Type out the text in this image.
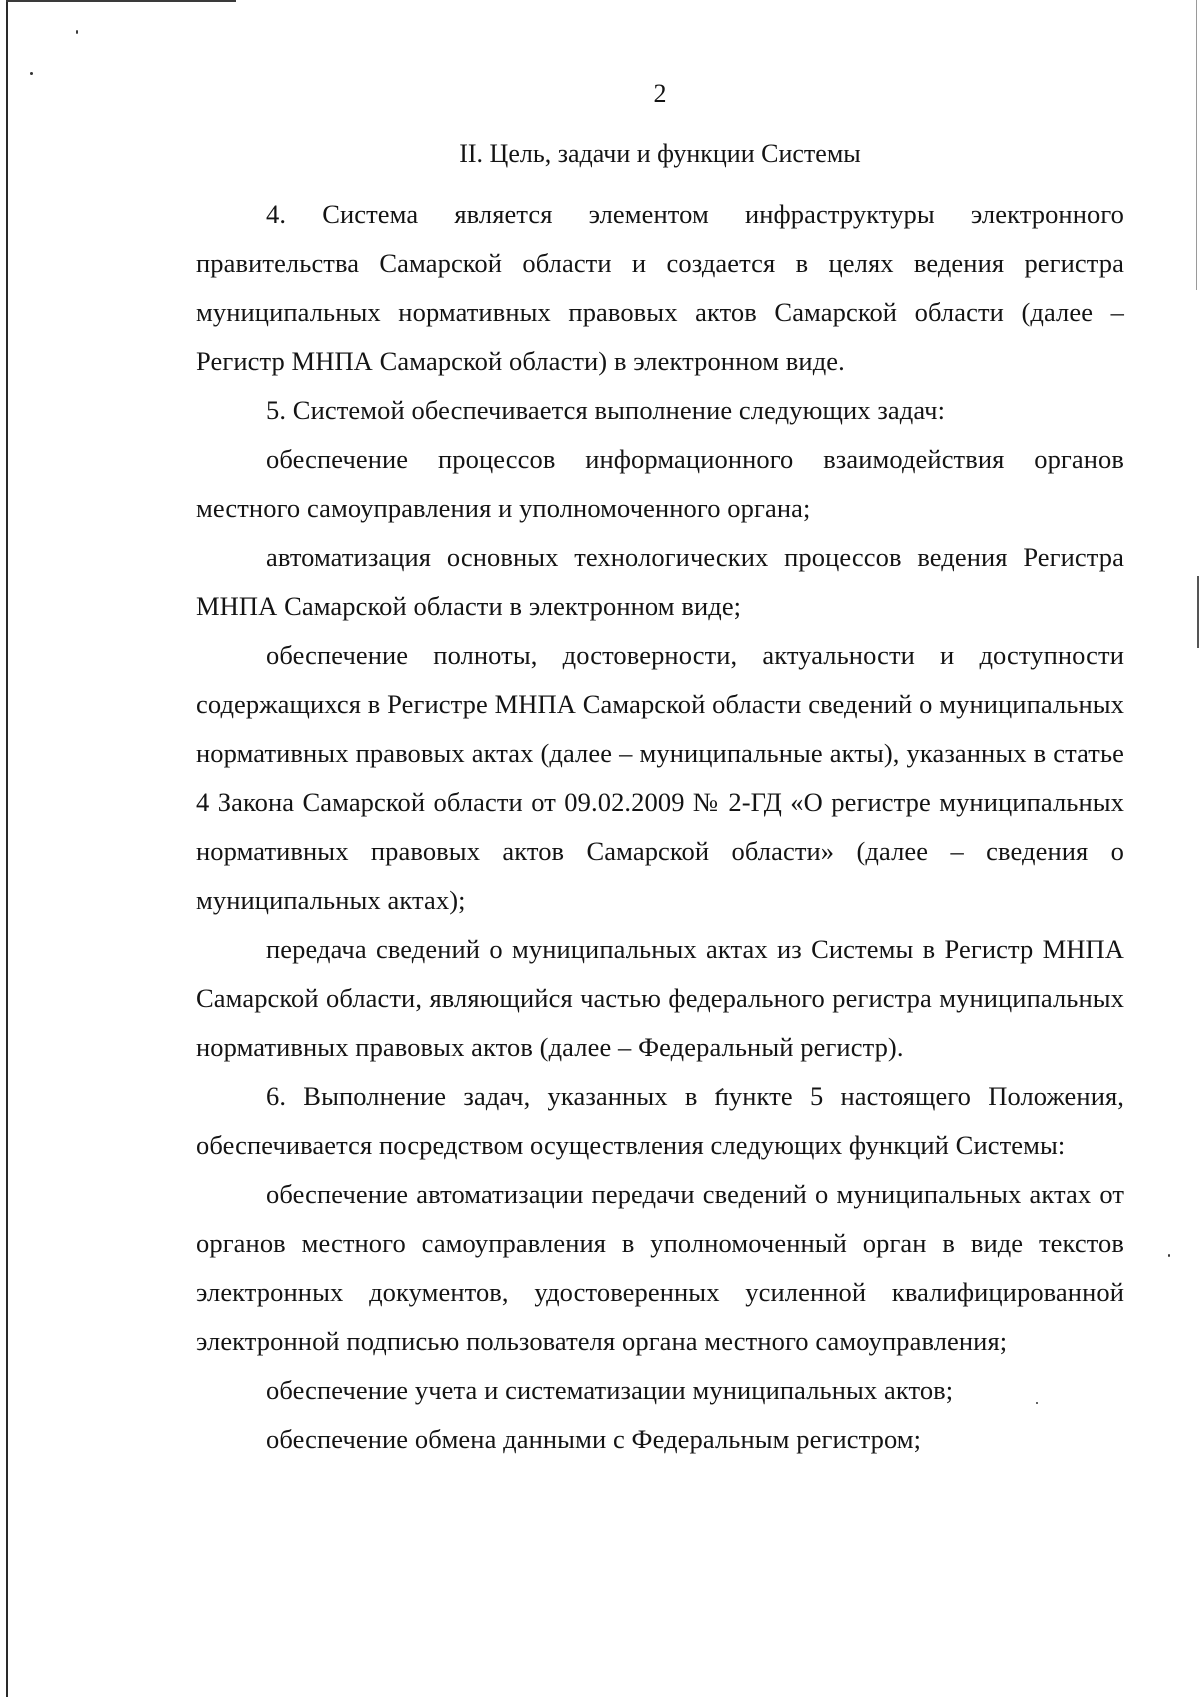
2
II. Цель, задачи и функции Системы

4. Система является элементом инфраструктуры электронного правительства Самарской области и создается в целях ведения регистра муниципальных нормативных правовых актов Самарской области (далее – Регистр МНПА Самарской области) в электронном виде.

5. Системой обеспечивается выполнение следующих задач:

обеспечение процессов информационного взаимодействия органов местного самоуправления и уполномоченного органа;

автоматизация основных технологических процессов ведения Регистра МНПА Самарской области в электронном виде;

обеспечение полноты, достоверности, актуальности и доступности содержащихся в Регистре МНПА Самарской области сведений о муниципальных нормативных правовых актах (далее – муниципальные акты), указанных в статье 4 Закона Самарской области от 09.02.2009 № 2-ГД «О регистре муниципальных нормативных правовых актов Самарской области» (далее – сведения о муниципальных актах);

передача сведений о муниципальных актах из Системы в Регистр МНПА Самарской области, являющийся частью федерального регистра муниципальных нормативных правовых актов (далее – Федеральный регистр).

6. Выполнение задач, указанных в пункте 5 настоящего Положения, обеспечивается посредством осуществления следующих функций Системы:

обеспечение автоматизации передачи сведений о муниципальных актах от органов местного самоуправления в уполномоченный орган в виде текстов электронных документов, удостоверенных усиленной квалифицированной электронной подписью пользователя органа местного самоуправления;

обеспечение учета и систематизации муниципальных актов;

обеспечение обмена данными с Федеральным регистром;
